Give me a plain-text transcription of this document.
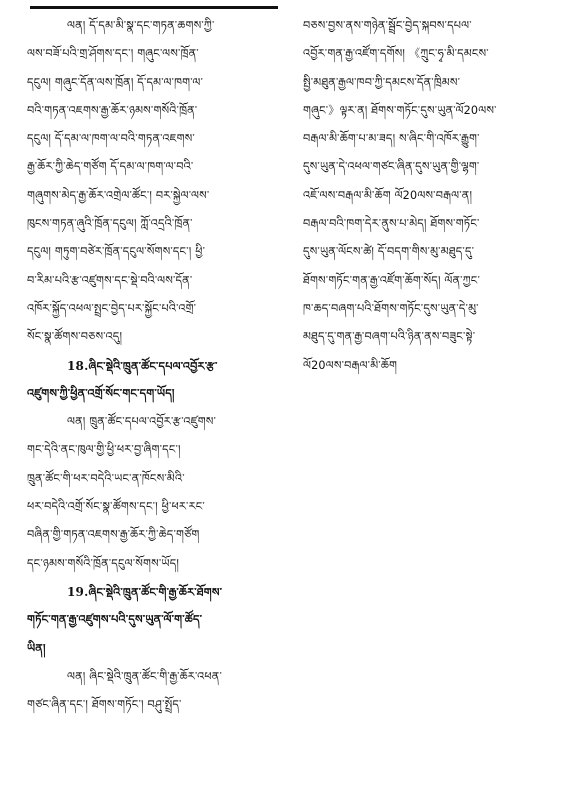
ལན། དོ་དམ་མི་སྣ་དང་གཏན་ཆགས་ཀྱི་
ལས་བཟོ་པའི་གྲ་ཤོགས་དང་། གཞུང་ལས་ཁྲོན་
དངུལ། གཞུང་དོན་ལས་ཁྲོན། དོ་དམ་ལ་ཁག་ལ་
བའི་གཏན་འཇགས་རྒྱ་ཆོར་ཉམས་གསོའི་ཁྲོན་
དངུལ། དོ་དམ་ལ་ཁག་ལ་བའི་གཏན་འཇགས་
རྒྱ་ཆོར་ཀྱི་ཆེད་གཙོག དོ་དམ་ལ་ཁག་ལ་བའི་
གཞུགས་མེད་རྒྱ་ཆོར་འགྲེལ་ཚོང་། བར་སྐྱེལ་ལས་
ཁུངས་གཏན་ཞུའི་ཁྲོན་དངུལ། ཀློ་འདྲའི་ཁྲོན་
དངུལ། གཏུག་བཙེར་ཁྲོན་དངུལ་སོགས་དང་། ཕྱི་
བ་རིམ་པའི་རྩ་འཛུགས་དང་སྡེ་བའི་ལས་དོན་
འཁོར་སྐྱོད་འཕལ་སྤྲང་བྱེད་པར་སྐྱོང་པའི་འགྲོ་
སོང་སྣ་ཚོགས་བཅས་འདུ།
18.ཞིང་སྡེའི་ཁྲུན་ཚོང་དཔལ་འབྱོར་རྩ་
འཛུགས་ཀྱི་ཕྱིན་འགྲོ་སོང་གང་དག་ཡོད།
ལན། ཁྲུན་ཚོང་དཔལ་འབྱོར་རྩ་འཛུགས་
གང་དེའི་ནང་ཁུལ་གྱི་ཕྱི་ཕར་བྱ་ཞིག་དང་།
ཁྲུན་ཚོང་གི་ཕར་བདེའི་ཡང་ན་ཁོངས་མིའི་
ཕར་བདེའི་འགྲོ་སོང་སྣ་ཚོགས་དང་། ཕྱི་ཕར་རང་
བཞིན་གྱི་གཏན་འཇགས་རྒྱ་ཆོར་ཀྱི་ཆེད་གཙོག
དང་ཉམས་གསོའི་ཁྲོན་དངུལ་སོགས་ཡོད།
19.ཞིང་སྡེའི་ཁྲུན་ཚོང་གི་རྒྱ་ཆོར་ཐོགས་
གཏོང་གན་རྒྱ་འཛུགས་པའི་དུས་ཡུན་ལོ་ག་ཚོད་
ཡིན།
ལན། ཞིང་སྡེའི་ཁྲུན་ཚོང་གི་རྒྱ་ཆོར་འཕན་
གཙང་ཞིན་དང་། ཐོགས་གཏོང་། བཤུ་སྤྲོད་
བཅས་བྱས་ནས་གཉེན་སྦྲོང་བྱེད་སྐབས་དཔལ་
འབྱོར་གན་རྒྱ་འཛོག་དགོས། 《ཀྲུང་ཧྭ་མི་དམངས་
སྤྱི་མཐུན་རྒྱལ་ཁབ་ཀྱི་དམངས་དོན་ཁྲིམས་
གཞུང་》ལྟར་ན། ཐོགས་གཏོང་དུས་ཡུན་ལོ20ལས་
བརྒལ་མི་ཆོག་པ་མ་ཟད། ས་ཞིང་གི་འཁོར་རྒྱུག་
དུས་ཡུན་དེ་འཕལ་གཙང་ཞིན་དུས་ཡུན་གྱི་ལྷག་
འཇོ་ལས་བརྒལ་མི་ཆོག ལོ20ལས་བརྒལ་ན།
བརྒལ་བའི་ཁག་དེར་ནུས་པ་མེད། ཐོགས་གཏོང་
དུས་ཡུན་ལོངས་ཚེ། དོ་བདག་གིས་མུ་མཐུད་དུ་
ཐོགས་གཏོང་གན་རྒྱ་འཛོག་ཆོག་སོད། ལོན་ཀྱང་
ཁ་ཆད་བཞག་པའི་ཐོགས་གཏོང་དུས་ཡུན་དེ་མུ་
མཐུད་དུ་གན་རྒྱ་བཞག་པའི་ཉིན་ནས་བཟུང་སྟེ་
ལོ20ལས་བརྒལ་མི་ཆོག
